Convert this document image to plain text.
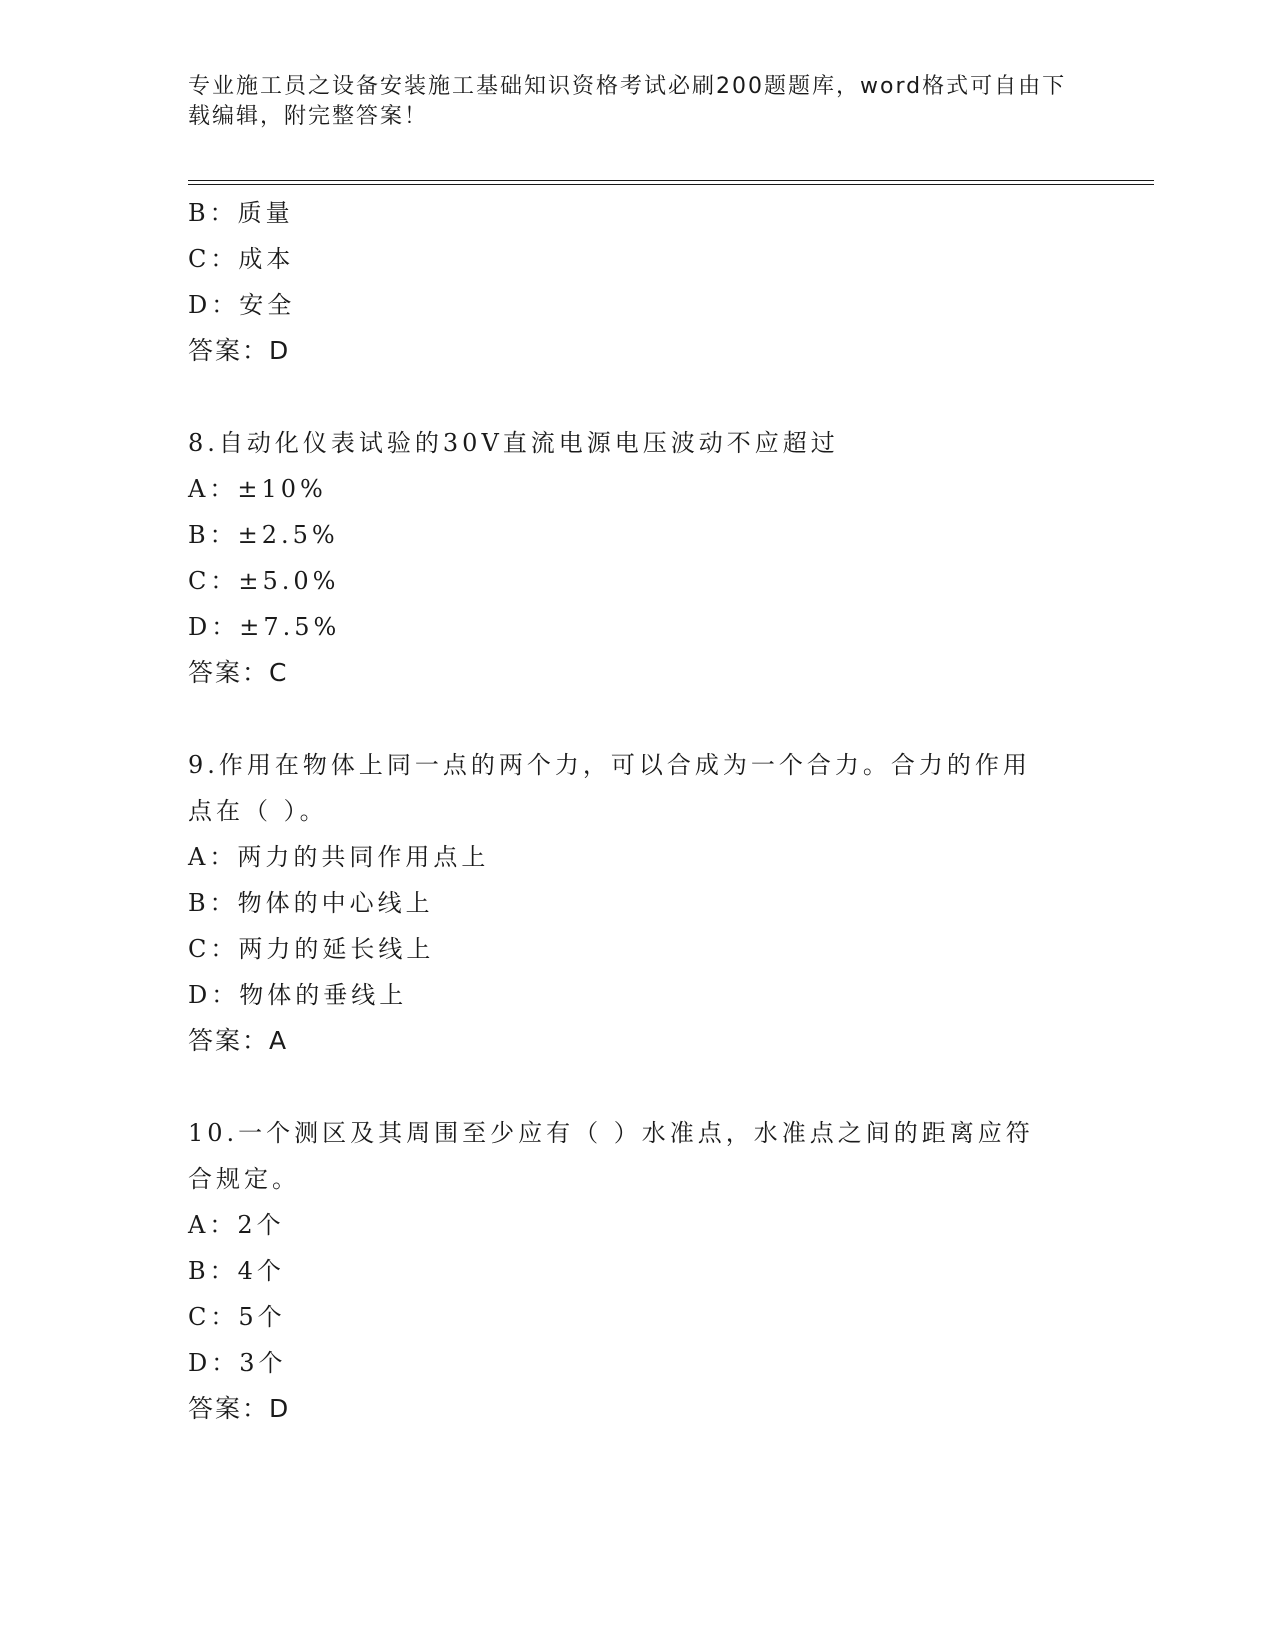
专业施工员之设备安装施工基础知识资格考试必刷200题题库，word格式可自由下载编辑，附完整答案！
B：质量
C：成本
D：安全
答案：D
8.自动化仪表试验的30V直流电源电压波动不应超过
A：±10%
B：±2.5%
C：±5.0%
D：±7.5%
答案：C
9.作用在物体上同一点的两个力，可以合成为一个合力。合力的作用点在（ ）。
A：两力的共同作用点上
B：物体的中心线上
C：两力的延长线上
D：物体的垂线上
答案：A
10.一个测区及其周围至少应有（ ）水准点，水准点之间的距离应符合规定。
A：2个
B：4个
C：5个
D：3个
答案：D
